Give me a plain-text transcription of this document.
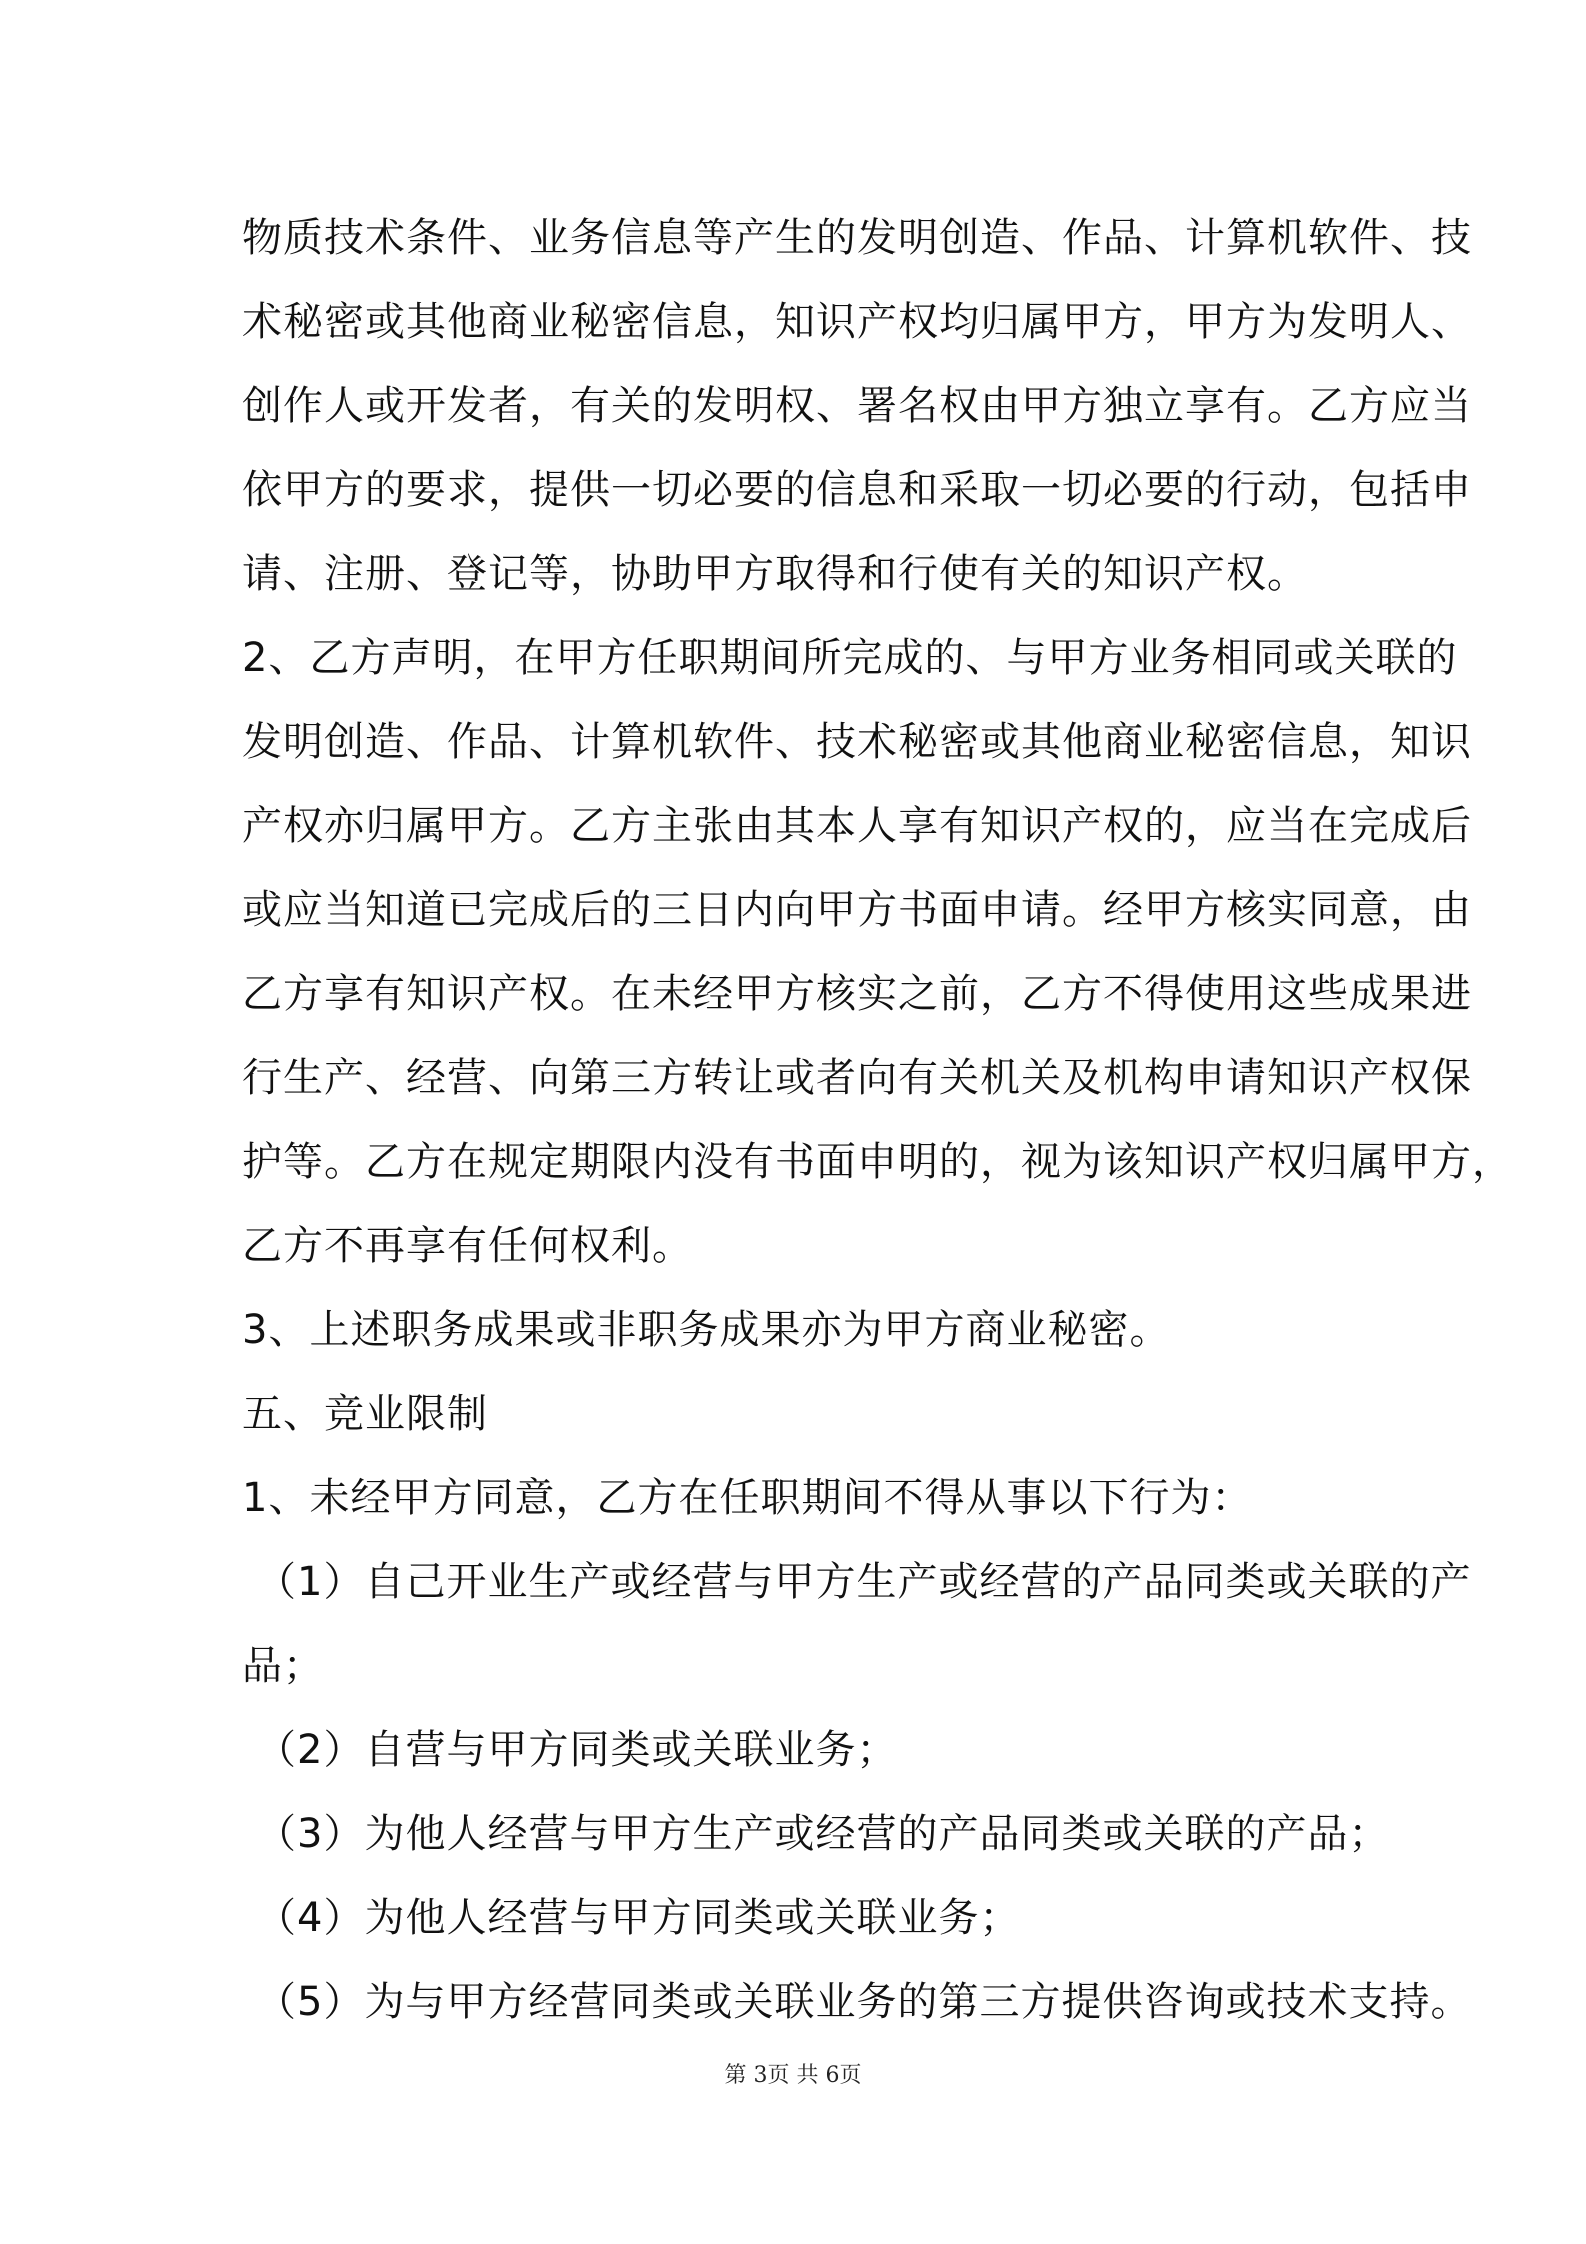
物质技术条件、业务信息等产生的发明创造、作品、计算机软件、技
术秘密或其他商业秘密信息，知识产权均归属甲方，甲方为发明人、
创作人或开发者，有关的发明权、署名权由甲方独立享有。乙方应当
依甲方的要求，提供一切必要的信息和采取一切必要的行动，包括申
请、注册、登记等，协助甲方取得和行使有关的知识产权。
2、乙方声明，在甲方任职期间所完成的、与甲方业务相同或关联的
发明创造、作品、计算机软件、技术秘密或其他商业秘密信息，知识
产权亦归属甲方。乙方主张由其本人享有知识产权的，应当在完成后
或应当知道已完成后的三日内向甲方书面申请。经甲方核实同意，由
乙方享有知识产权。在未经甲方核实之前，乙方不得使用这些成果进
行生产、经营、向第三方转让或者向有关机关及机构申请知识产权保
护等。乙方在规定期限内没有书面申明的，视为该知识产权归属甲方，
乙方不再享有任何权利。
3、上述职务成果或非职务成果亦为甲方商业秘密。
五、竞业限制
1、未经甲方同意，乙方在任职期间不得从事以下行为：
（1）自己开业生产或经营与甲方生产或经营的产品同类或关联的产
品；
（2）自营与甲方同类或关联业务；
（3）为他人经营与甲方生产或经营的产品同类或关联的产品；
（4）为他人经营与甲方同类或关联业务；
（5）为与甲方经营同类或关联业务的第三方提供咨询或技术支持。
第 3页 共 6页
